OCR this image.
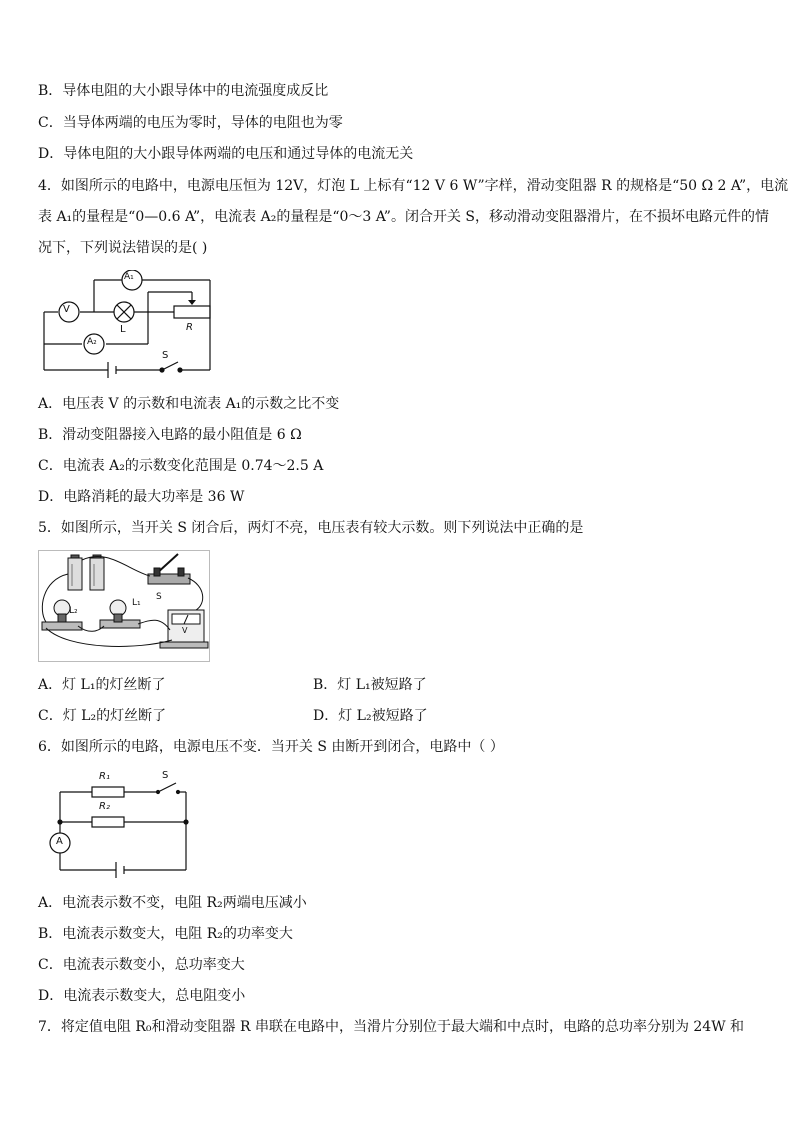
B．导体电阻的大小跟导体中的电流强度成反比
C．当导体两端的电压为零时，导体的电阻也为零
D．导体电阻的大小跟导体两端的电压和通过导体的电流无关
4．如图所示的电路中，电源电压恒为 12V，灯泡 L 上标有“12 V 6 W”字样，滑动变阻器 R 的规格是“50 Ω 2 A”，电流
表 A₁的量程是“0—0.6 A”，电流表 A₂的量程是“0～3 A”。闭合开关 S，移动滑动变阻器滑片，在不损坏电路元件的情
况下，下列说法错误的是( )
V
A₁
L	R
A₂
S
A．电压表 V 的示数和电流表 A₁的示数之比不变
B．滑动变阻器接入电路的最小阻值是 6 Ω
C．电流表 A₂的示数变化范围是 0.74～2.5 A
D．电路消耗的最大功率是 36 W
5．如图所示，当开关 S 闭合后，两灯不亮，电压表有较大示数。则下列说法中正确的是
L₂
L₁
S
V
A．灯 L₁的灯丝断了	B．灯 L₁被短路了
C．灯 L₂的灯丝断了	D．灯 L₂被短路了
6．如图所示的电路，电源电压不变．当开关 S 由断开到闭合，电路中（ ）
R₁
R₂
S
A
A．电流表示数不变，电阻 R₂两端电压减小
B．电流表示数变大，电阻 R₂的功率变大
C．电流表示数变小，总功率变大
D．电流表示数变大，总电阻变小
7．将定值电阻 R₀和滑动变阻器 R 串联在电路中，当滑片分别位于最大端和中点时，电路的总功率分别为 24W 和
